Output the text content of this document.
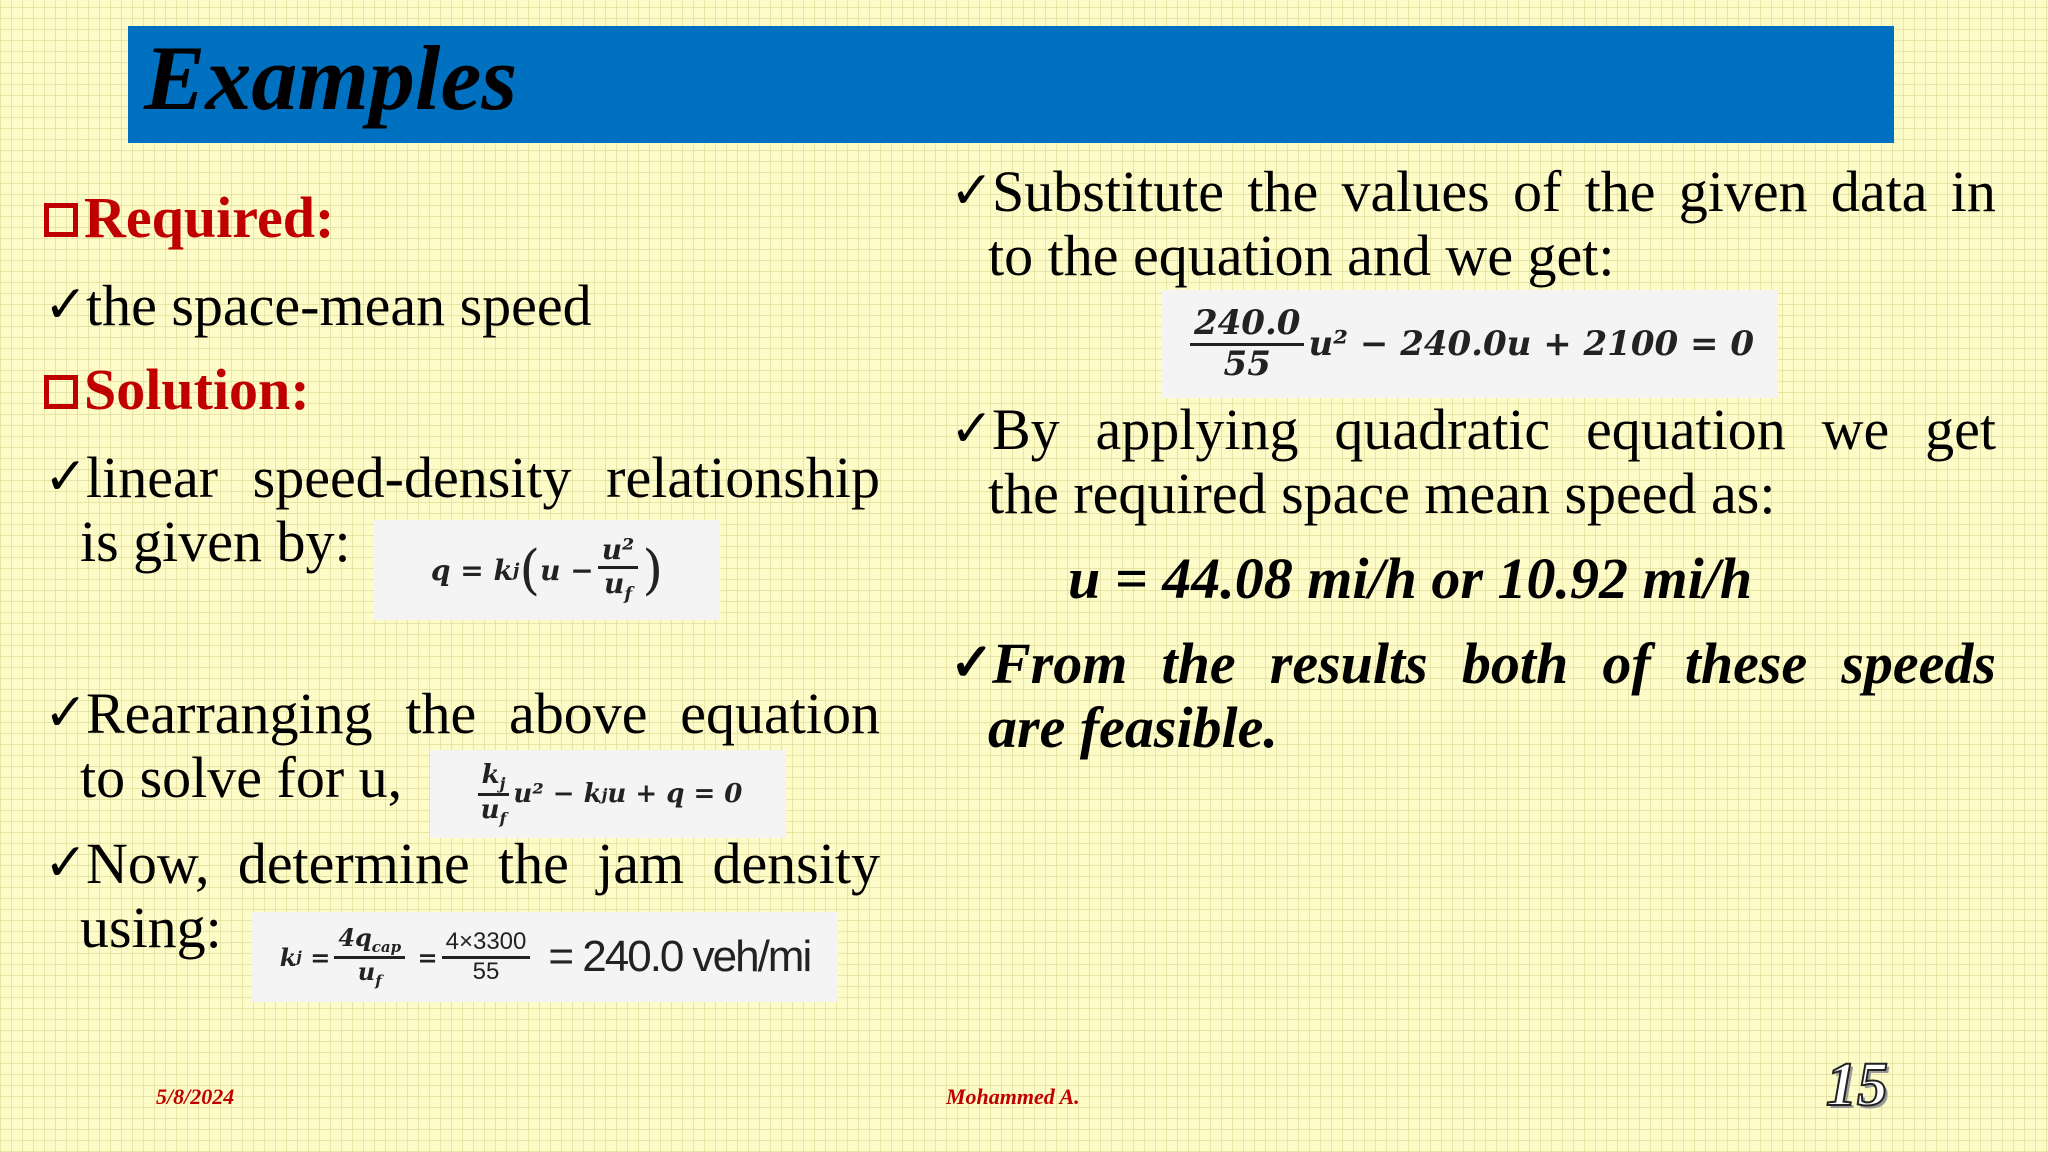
Examples
Required:
✓the space-mean speed
Solution:
✓
linear speed-density relationship
is given by:	q = k j ( $u - \frac{\text{u²}}{u_f}$ )
✓
Rearranging the above equation
to solve for u,	$\frac{k_j}{u_f} u^2 - k$ j u + q = 0
✓
Now, determine the jam density
using:	k $j = \frac{4q_{cap}}{u_f} = \frac{4\times 3300}{55} = 240.0$ veh/mi
✓
Substitute the values of the given data in
to the equation and we get:
$\frac{240.0}{55} u^2 - 240.0u + 2100 = 0$
✓
By applying quadratic equation we get
the required space mean speed as:
u = 44.08 mi/h or 10.92 mi/h
✓
From the results both of these speeds
are feasible.
5/8/2024	Mohammed A.	15
